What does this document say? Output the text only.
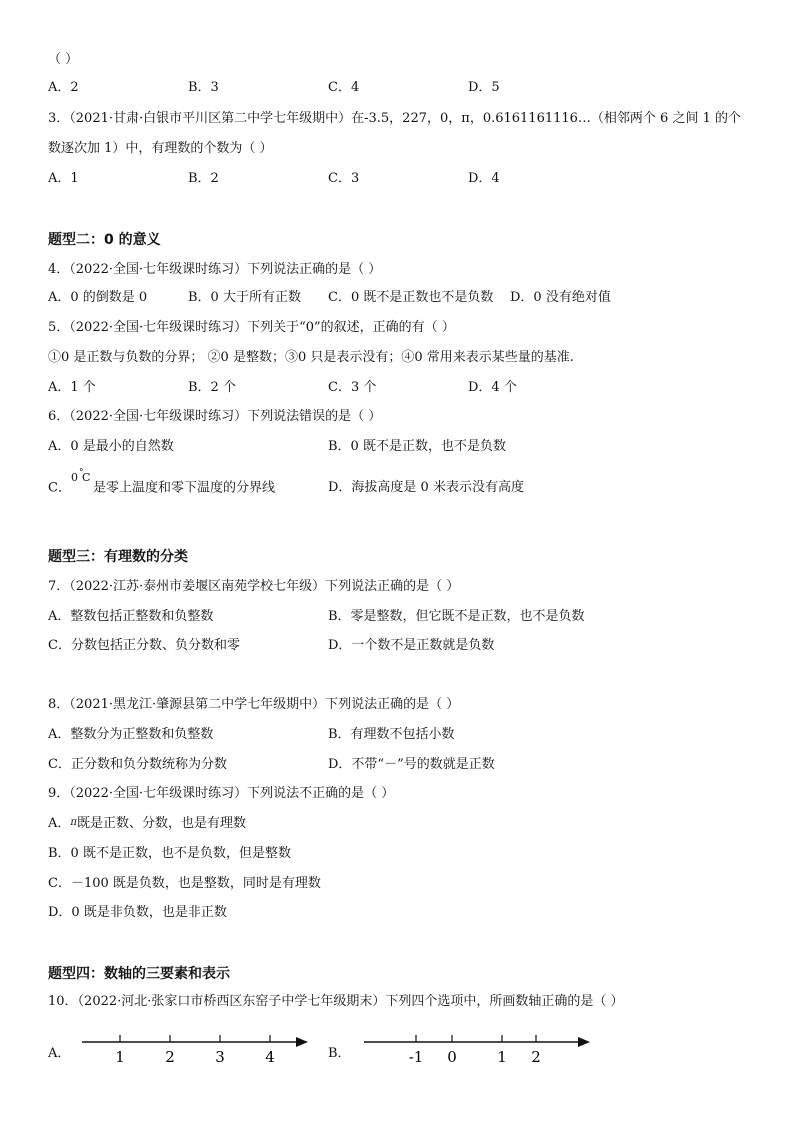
（ ）
A．2	B．3	C．4	D．5
3．（2021·甘肃·白银市平川区第二中学七年级期中）在-3.5，227，0，π，0.6161161116…（相邻两个 6 之间 1 的个
数逐次加 1）中，有理数的个数为（ ）
A．1	B．2	C．3	D．4
题型二：0 的意义
4．（2022·全国·七年级课时练习）下列说法正确的是（ ）
A．0 的倒数是 0	B．0 大于所有正数 C．0 既不是正数也不是负数 D．0 没有绝对值
5．（2022·全国·七年级课时练习）下列关于“0”的叙述，正确的有（ ）
①0 是正数与负数的分界； ②0 是整数；③0 只是表示没有；④0 常用来表示某些量的基准.
A．1 个	B．2 个	C．3 个	D．4 个
6．（2022·全国·七年级课时练习）下列说法错误的是（ ）
A．0 是最小的自然数	B．0 既不是正数，也不是负数
C．
0 °
C
是零上温度和零下温度的分界线	D．海拔高度是 0 米表示没有高度
题型三：有理数的分类
7．（2022·江苏·泰州市姜堰区南苑学校七年级）下列说法正确的是（ ）
A．整数包括正整数和负整数	B．零是整数，但它既不是正数，也不是负数
C．分数包括正分数、负分数和零	D．一个数不是正数就是负数
8．（2021·黑龙江·肇源县第二中学七年级期中）下列说法正确的是（ ）
A．整数分为正整数和负整数	B．有理数不包括小数
C．正分数和负分数统称为分数	D．不带“－”号的数就是正数
9．（2022·全国·七年级课时练习）下列说法不正确的是（ ）
A．π既是正数、分数，也是有理数
B．0 既不是正数，也不是负数，但是整数
C．－100 既是负数，也是整数，同时是有理数
D．0 既是非负数，也是非正数
题型四：数轴的三要素和表示
10．（2022·河北·张家口市桥西区东窑子中学七年级期末）下列四个选项中，所画数轴正确的是（ ）
A．	B．
1	2	3	4	-1 0	1 2
